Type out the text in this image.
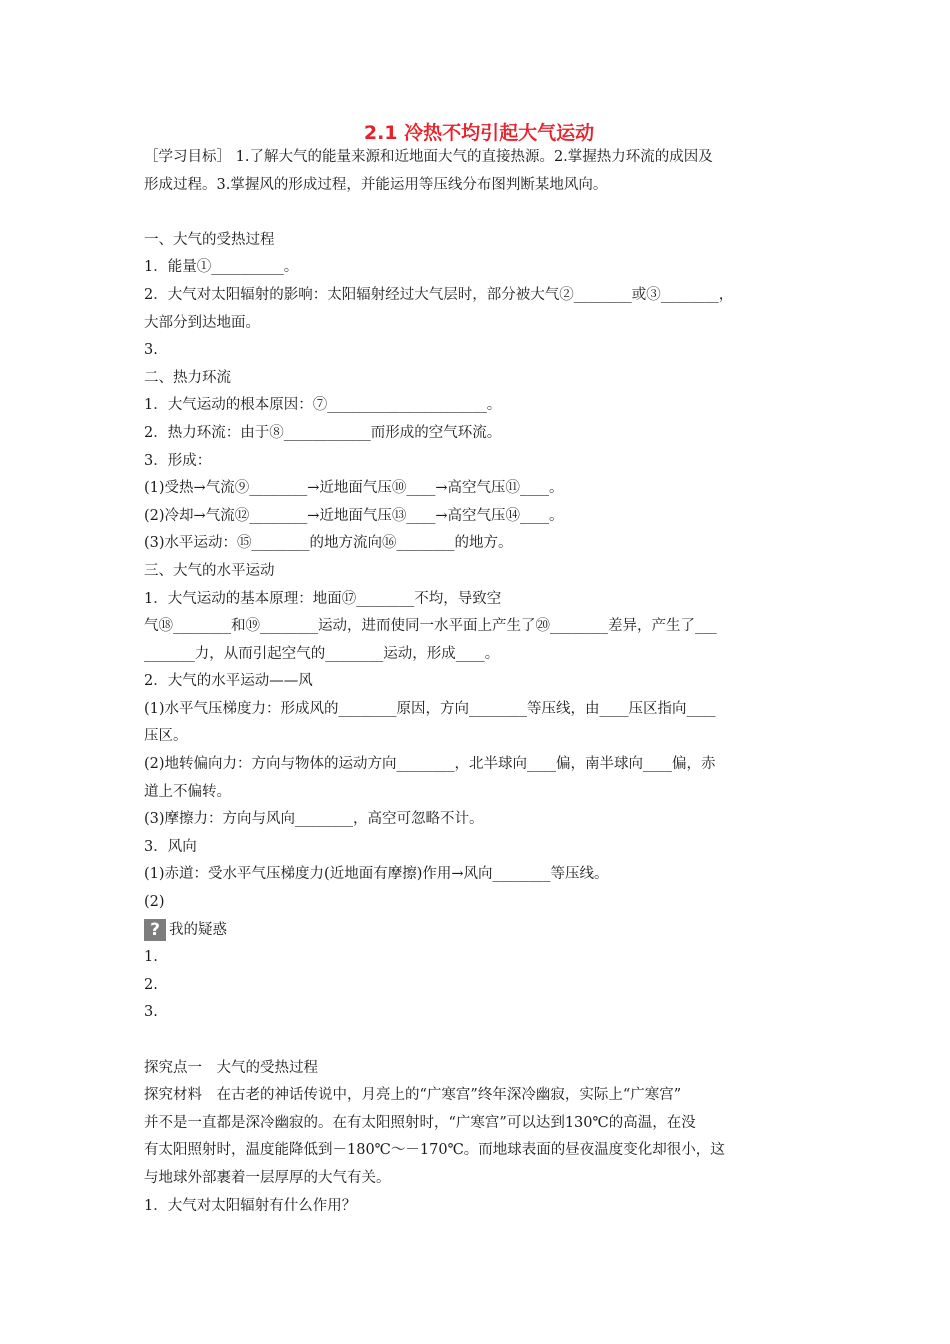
2.1 冷热不均引起大气运动
［学习目标］ 1.了解大气的能量来源和近地面大气的直接热源。2.掌握热力环流的成因及
形成过程。3.掌握风的形成过程，并能运用等压线分布图判断某地风向。
一、大气的受热过程
1．能量①__________。
2．大气对太阳辐射的影响：太阳辐射经过大气层时，部分被大气②________或③________，
大部分到达地面。
3.
二、热力环流
1．大气运动的根本原因：⑦______________________。
2．热力环流：由于⑧____________而形成的空气环流。
3．形成：
(1)受热→气流⑨________→近地面气压⑩____→高空气压⑪____。
(2)冷却→气流⑫________→近地面气压⑬____→高空气压⑭____。
(3)水平运动：⑮________的地方流向⑯________的地方。
三、大气的水平运动
1．大气运动的基本原理：地面⑰________不均，导致空
气⑱________和⑲________运动，进而使同一水平面上产生了⑳________差异，产生了___
_______力，从而引起空气的________运动，形成____。
2．大气的水平运动——风
(1)水平气压梯度力：形成风的________原因，方向________等压线，由____压区指向____
压区。
(2)地转偏向力：方向与物体的运动方向________，北半球向____偏，南半球向____偏，赤
道上不偏转。
(3)摩擦力：方向与风向________，高空可忽略不计。
3．风向
(1)赤道：受水平气压梯度力(近地面有摩擦)作用→风向________等压线。
(2)
? 我的疑惑
1.
2.
3.
探究点一　大气的受热过程
探究材料　在古老的神话传说中，月亮上的“广寒宫”终年深冷幽寂，实际上“广寒宫”
并不是一直都是深冷幽寂的。在有太阳照射时，“广寒宫”可以达到130℃的高温，在没
有太阳照射时，温度能降低到－180℃～－170℃。而地球表面的昼夜温度变化却很小，这
与地球外部裹着一层厚厚的大气有关。
1．大气对太阳辐射有什么作用？
